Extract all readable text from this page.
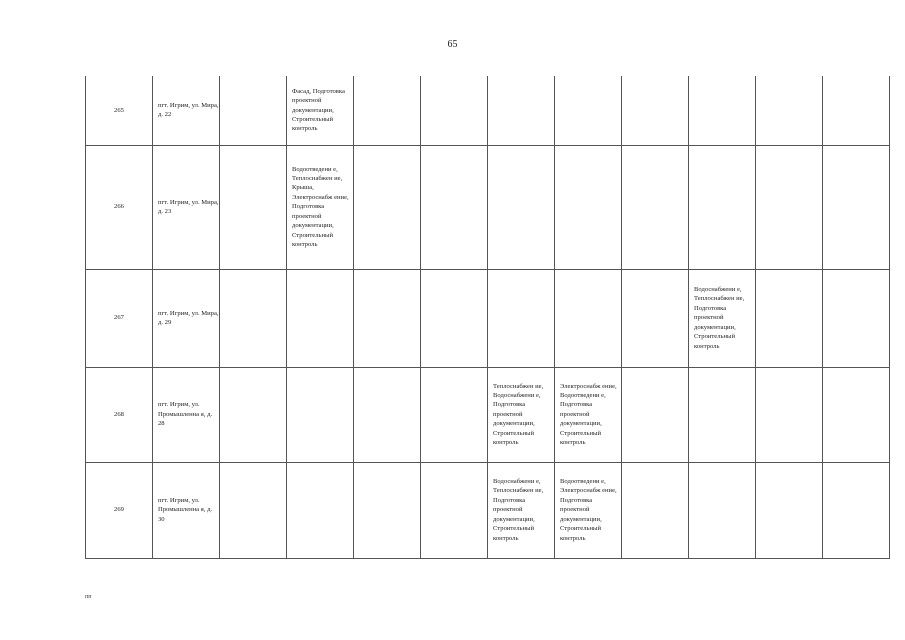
65
265	пгт. Игрим, ул. Мира, д. 22		Фасад, Подготовка проектной документации, Строительный контроль									
266	пгт. Игрим, ул. Мира, д. 23		Водоотведени е, Теплоснабжен ие, Крыша, Электроснабж ение, Подготовка проектной документации, Строительный контроль									
267	пгт. Игрим, ул. Мира, д. 29								Водоснабжени е, Теплоснабжен ие, Подготовка проектной документации, Строительный контроль			
268	пгт. Игрим, ул. Промышленна я, д. 28					Теплоснабжен ие, Водоснабжени е, Подготовка проектной документации, Строительный контроль	Электроснабж ение, Водоотведени е, Подготовка проектной документации, Строительный контроль					
269	пгт. Игрим, ул. Промышленна я, д. 30					Водоснабжени е, Теплоснабжен ие, Подготовка проектной документации, Строительный контроль	Водоотведени е, Электроснабж ение, Подготовка проектной документации, Строительный контроль					
пп
